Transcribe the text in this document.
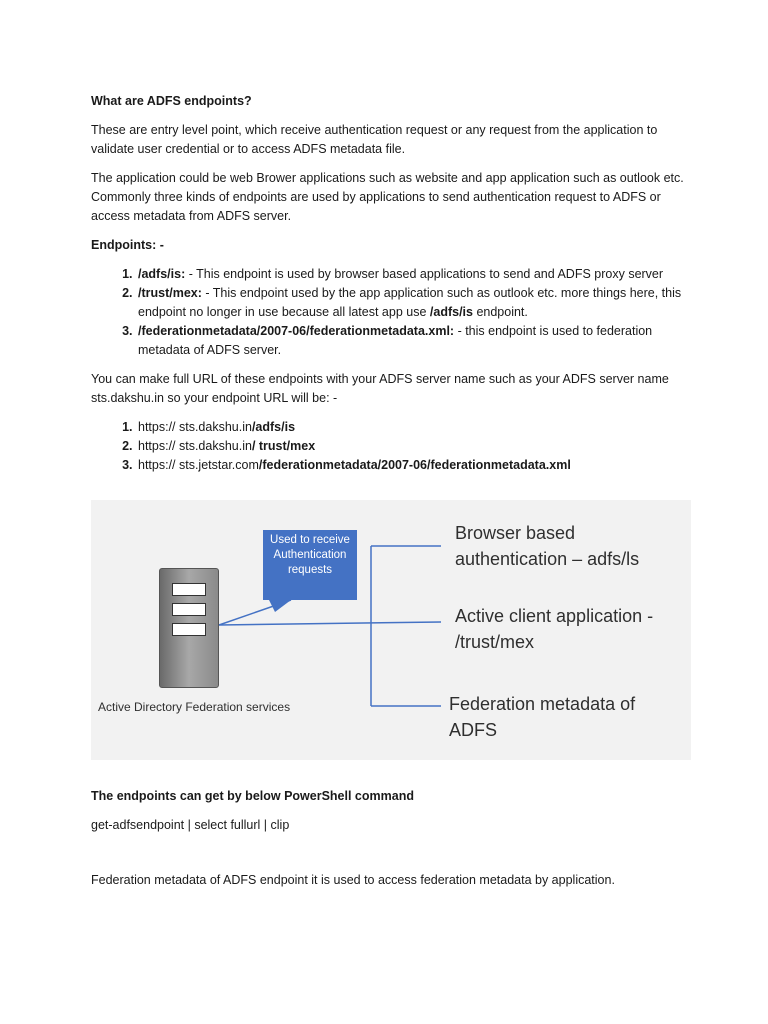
What are ADFS endpoints?

These are entry level point, which receive authentication request or any request from the application to validate user credential or to access ADFS metadata file.

The application could be web Brower applications such as website and app application such as outlook etc. Commonly three kinds of endpoints are used by applications to send authentication request to ADFS or access metadata from ADFS server.

Endpoints: -

1. /adfs/is: - This endpoint is used by browser based applications to send and ADFS proxy server
2. /trust/mex: - This endpoint used by the app application such as outlook etc. more things here, this endpoint no longer in use because all latest app use /adfs/is endpoint.
3. /federationmetadata/2007-06/federationmetadata.xml: - this endpoint is used to federation metadata of ADFS server.

You can make full URL of these endpoints with your ADFS server name such as your ADFS server name sts.dakshu.in so your endpoint URL will be: -

1. https:// sts.dakshu.in/adfs/is
2. https:// sts.dakshu.in/ trust/mex
3. https:// sts.jetstar.com/federationmetadata/2007-06/federationmetadata.xml
Used to receive Authentication requests
Browser based authentication – adfs/ls
Active client application - /trust/mex
Federation metadata of ADFS
Active Directory Federation services

The endpoints can get by below PowerShell command

get-adfsendpoint | select fullurl | clip

Federation metadata of ADFS endpoint it is used to access federation metadata by application.
